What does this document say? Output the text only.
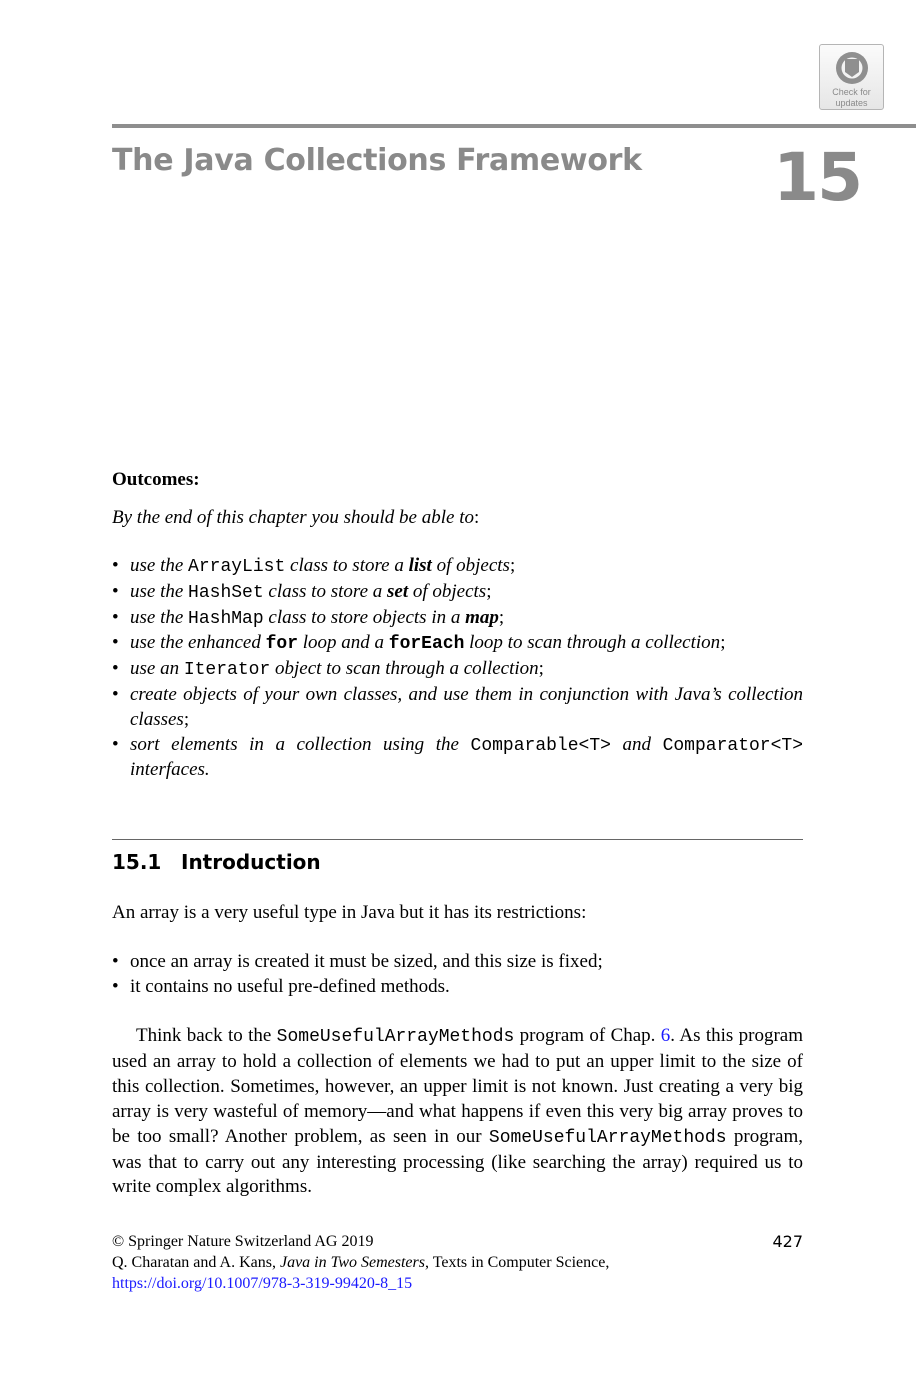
Check for
updates
The Java Collections Framework 15
Outcomes:
By the end of this chapter you should be able to:
• use the ArrayList class to store a list of objects;
• use the HashSet class to store a set of objects;
• use the HashMap class to store objects in a map;
• use the enhanced for loop and a forEach loop to scan through a collection;
• use an Iterator object to scan through a collection;
• create objects of your own classes, and use them in conjunction with Java’s collection classes;
• sort elements in a collection using the Comparable<T> and Comparator<T> interfaces.
15.1 Introduction
An array is a very useful type in Java but it has its restrictions:
• once an array is created it must be sized, and this size is fixed;
• it contains no useful pre-defined methods.

Think back to the SomeUsefulArrayMethods program of Chap. 6. As this program used an array to hold a collection of elements we had to put an upper limit to the size of this collection. Sometimes, however, an upper limit is not known. Just creating a very big array is very wasteful of memory—and what happens if even this very big array proves to be too small? Another problem, as seen in our SomeUsefulArrayMethods program, was that to carry out any interesting processing (like searching the array) required us to write complex algorithms.

© Springer Nature Switzerland AG 2019
Q. Charatan and A. Kans, Java in Two Semesters, Texts in Computer Science,
https://doi.org/10.1007/978-3-319-99420-8_15
427
